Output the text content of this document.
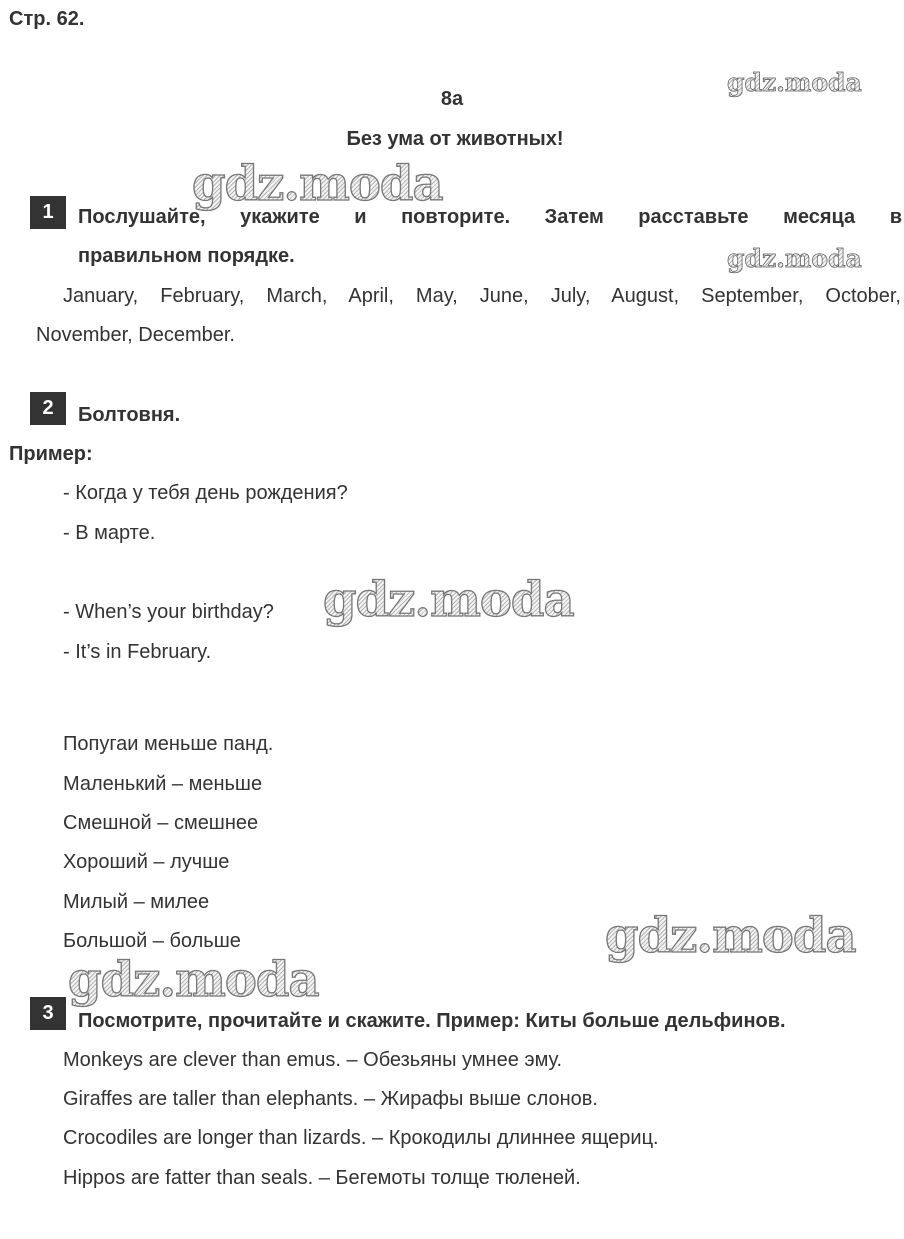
Стр. 62.
8a
Без ума от животных!
gdz.moda
gdz.moda
gdz.moda
gdz.moda
gdz.moda
gdz.moda
1	Послушайте, укажите и повторите. Затем расставьте месяца в
правильном порядке.
January, February, March, April, May, June, July, August, September, October,
November, December.
2	Болтовня.
Пример:
- Когда у тебя день рождения?
- В марте.
- When’s your birthday?
- It’s in February.
Попугаи меньше панд.
Маленький – меньше
Смешной – смешнее
Хороший – лучше
Милый – милее
Большой – больше
3	Посмотрите, прочитайте и скажите. Пример: Киты больше дельфинов.
Monkeys are clever than emus. – Обезьяны умнее эму.
Giraffes are taller than elephants. – Жирафы выше слонов.
Crocodiles are longer than lizards. – Крокодилы длиннее ящериц.
Hippos are fatter than seals. – Бегемоты толще тюленей.
